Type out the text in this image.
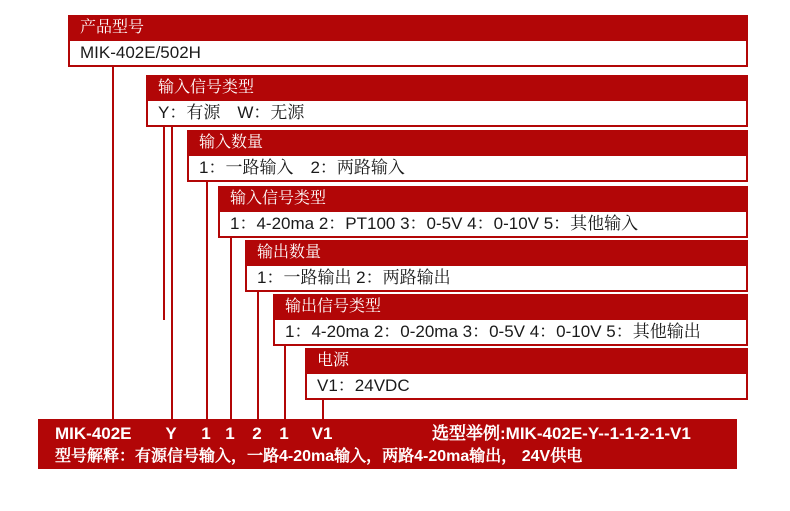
产品型号
MIK-402E/502H
输入信号类型
Y：有源　W：无源
输入数量
1：一路输入　2：两路输入
输入信号类型
1：4-20ma 2：PT100 3：0-5V 4：0-10V 5：其他输入
输出数量
1：一路输出 2：两路输出
输出信号类型
1：4-20ma 2：0-20ma 3：0-5V 4：0-10V 5：其他输出
电源
V1：24VDC
MIK-402E Y 1 1 2 1 V1	选型举例:MIK-402E-Y--1-1-2-1-V1
型号解释：有源信号输入，一路4-20ma输入，两路4-20ma输出， 24V供电
